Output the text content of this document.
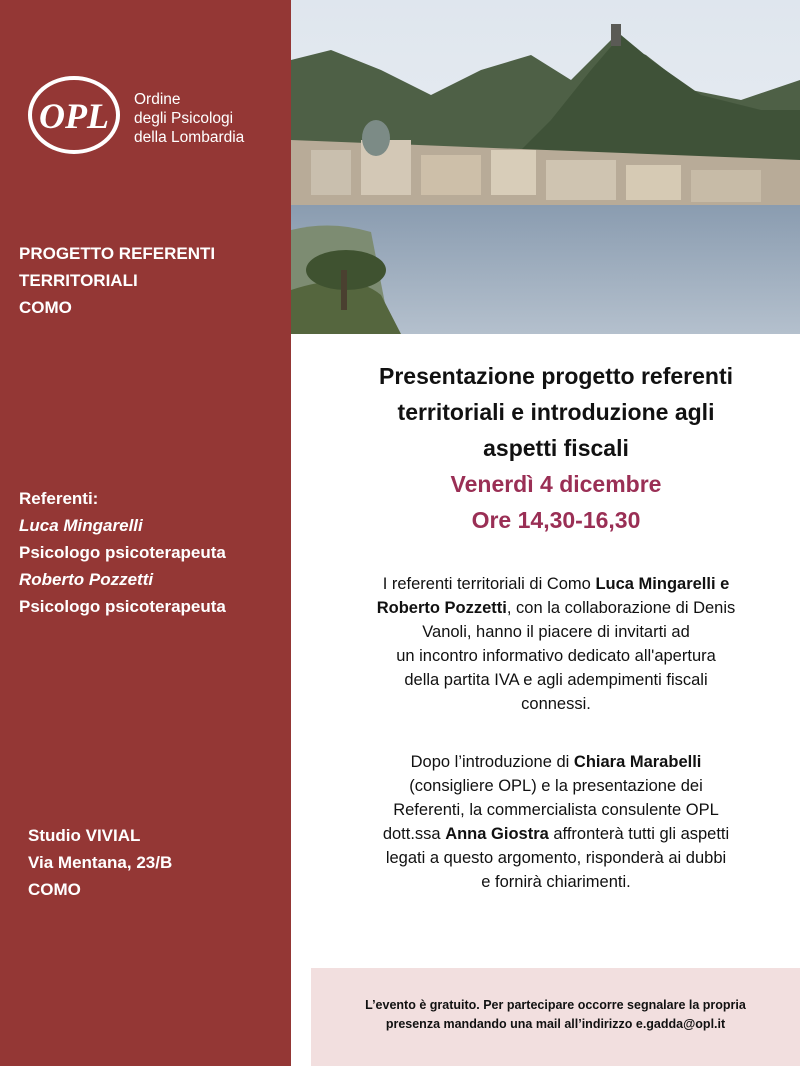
OPL Ordine
degli Psicologi
della Lombardia
PROGETTO REFERENTI
TERRITORIALI
COMO
Referenti:
Luca Mingarelli
Psicologo psicoterapeuta
Roberto Pozzetti
Psicologo psicoterapeuta
Studio VIVIAL
Via Mentana, 23/B
COMO
Presentazione progetto referenti
territoriali e introduzione agli
aspetti fiscali
Venerdì 4 dicembre
Ore 14,30-16,30
I referenti territoriali di Como Luca Mingarelli e
Roberto Pozzetti, con la collaborazione di Denis
Vanoli, hanno il piacere di invitarti ad
un incontro informativo dedicato all'apertura
della partita IVA e agli adempimenti fiscali
connessi.
Dopo l’introduzione di Chiara Marabelli
(consigliere OPL) e la presentazione dei
Referenti, la commercialista consulente OPL
dott.ssa Anna Giostra affronterà tutti gli aspetti
legati a questo argomento, risponderà ai dubbi
e fornirà chiarimenti.
L’evento è gratuito. Per partecipare occorre segnalare la propria
presenza mandando una mail all’indirizzo e.gadda@opl.it
